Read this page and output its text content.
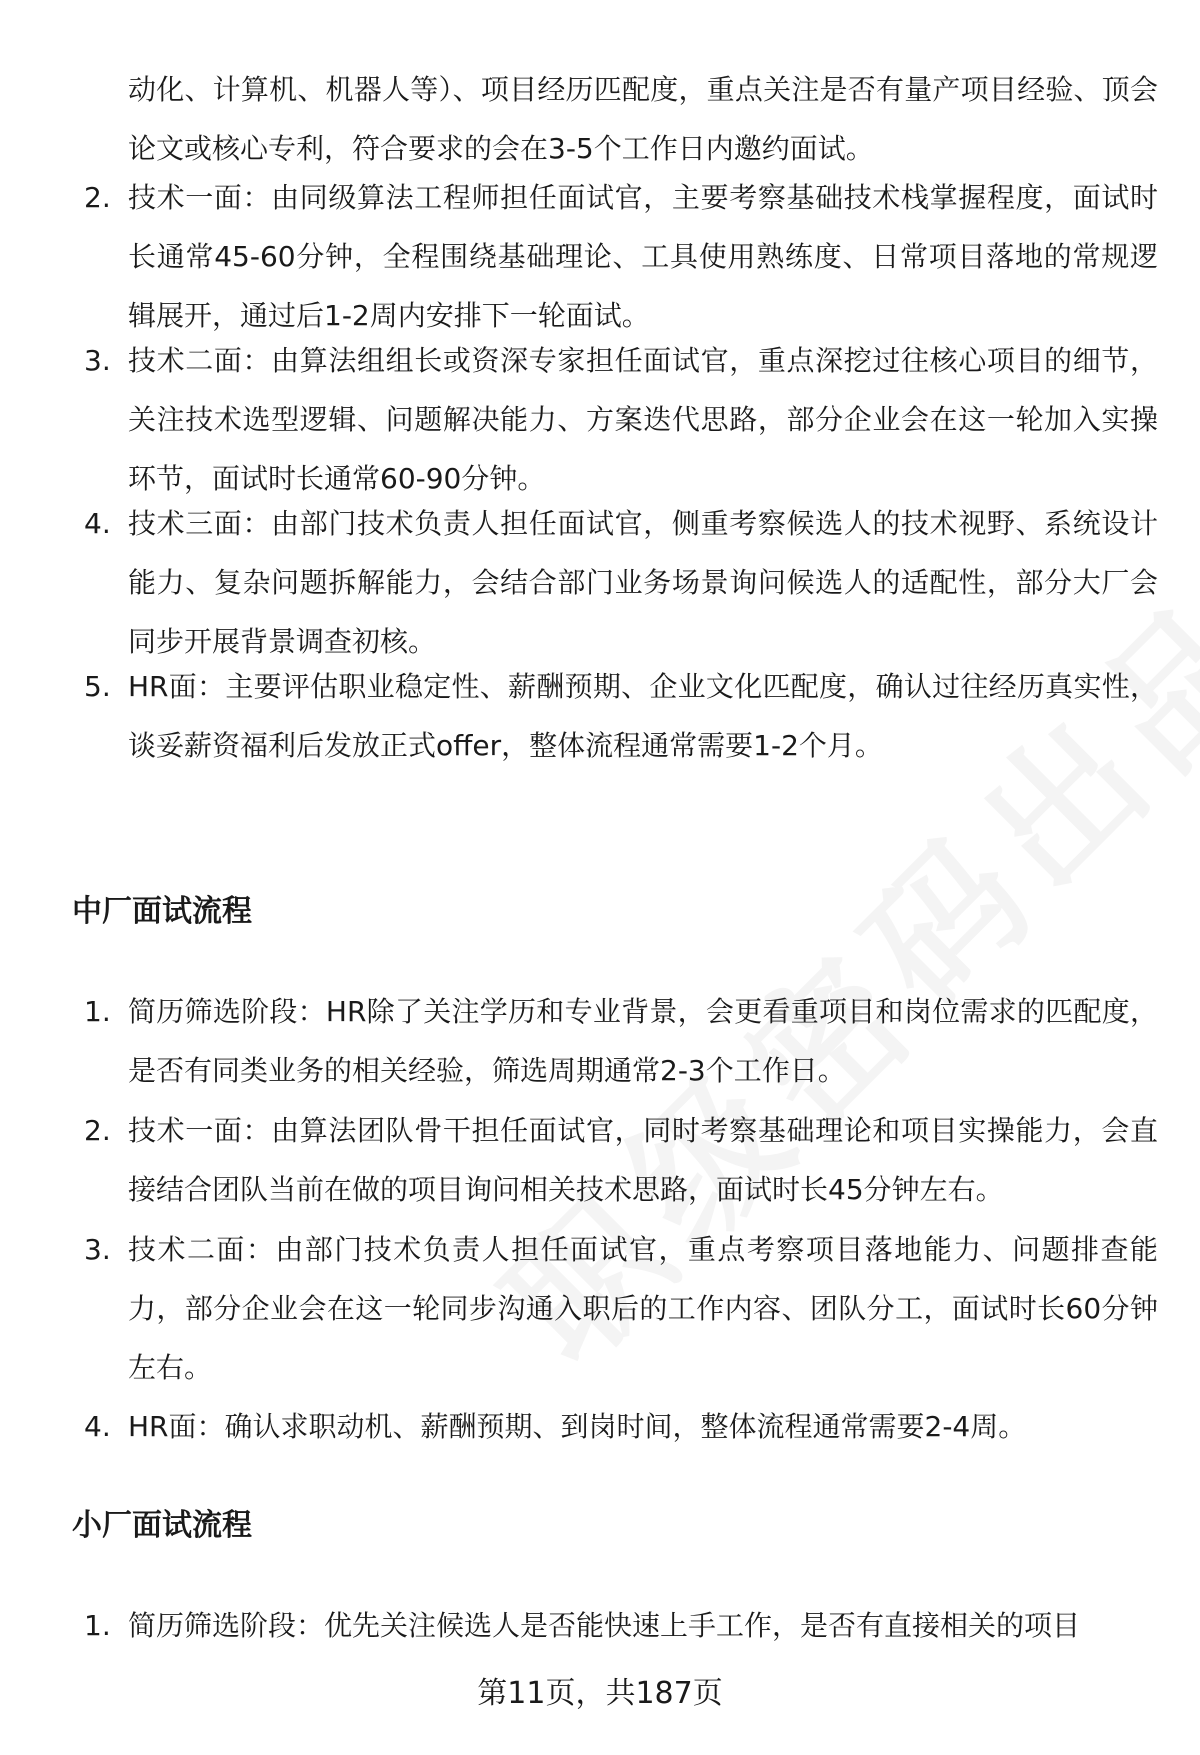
动化、计算机、机器人等）、项目经历匹配度，重点关注是否有量产项目经验、顶会论文或核心专利，符合要求的会在3-5个工作日内邀约面试。
2. 技术一面：由同级算法工程师担任面试官，主要考察基础技术栈掌握程度，面试时长通常45-60分钟，全程围绕基础理论、工具使用熟练度、日常项目落地的常规逻辑展开，通过后1-2周内安排下一轮面试。
3. 技术二面：由算法组组长或资深专家担任面试官，重点深挖过往核心项目的细节，关注技术选型逻辑、问题解决能力、方案迭代思路，部分企业会在这一轮加入实操环节，面试时长通常60-90分钟。
4. 技术三面：由部门技术负责人担任面试官，侧重考察候选人的技术视野、系统设计能力、复杂问题拆解能力，会结合部门业务场景询问候选人的适配性，部分大厂会同步开展背景调查初核。
5. HR面：主要评估职业稳定性、薪酬预期、企业文化匹配度，确认过往经历真实性，谈妥薪资福利后发放正式offer，整体流程通常需要1-2个月。
中厂面试流程
1. 简历筛选阶段：HR除了关注学历和专业背景，会更看重项目和岗位需求的匹配度，是否有同类业务的相关经验，筛选周期通常2-3个工作日。
2. 技术一面：由算法团队骨干担任面试官，同时考察基础理论和项目实操能力，会直接结合团队当前在做的项目询问相关技术思路，面试时长45分钟左右。
3. 技术二面：由部门技术负责人担任面试官，重点考察项目落地能力、问题排查能力，部分企业会在这一轮同步沟通入职后的工作内容、团队分工，面试时长60分钟左右。
4. HR面：确认求职动机、薪酬预期、到岗时间，整体流程通常需要2-4周。
小厂面试流程
1. 简历筛选阶段：优先关注候选人是否能快速上手工作，是否有直接相关的项目
第11页，共187页
